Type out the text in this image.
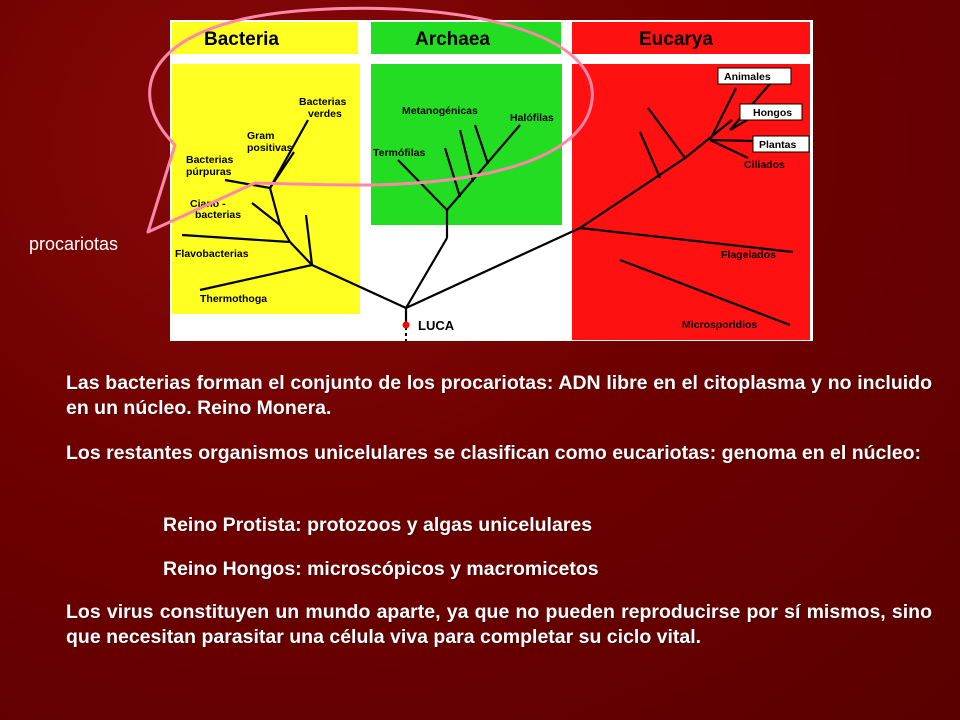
Bacteria	Archaea	Eucarya
Bacterias
verdes
Gram
positivas
Bacterias
púrpuras
Ciano -
bacterias
Flavobacterias
Thermothoga
Metanogénicas
Halófilas
Termófilas
Animales
Hongos
Plantas
Ciliados
Flagelados
Microsporidios
LUCA
procariotas

Las bacterias forman el conjunto de los procariotas: ADN libre en el citoplasma y no incluido en un núcleo. Reino Monera.

Los restantes organismos unicelulares se clasifican como eucariotas: genoma en el núcleo:

Reino Protista: protozoos y algas unicelulares

Reino Hongos: microscópicos y macromicetos

Los virus constituyen un mundo aparte, ya que no pueden reproducirse por sí mismos, sino que necesitan parasitar una célula viva para completar su ciclo vital.
